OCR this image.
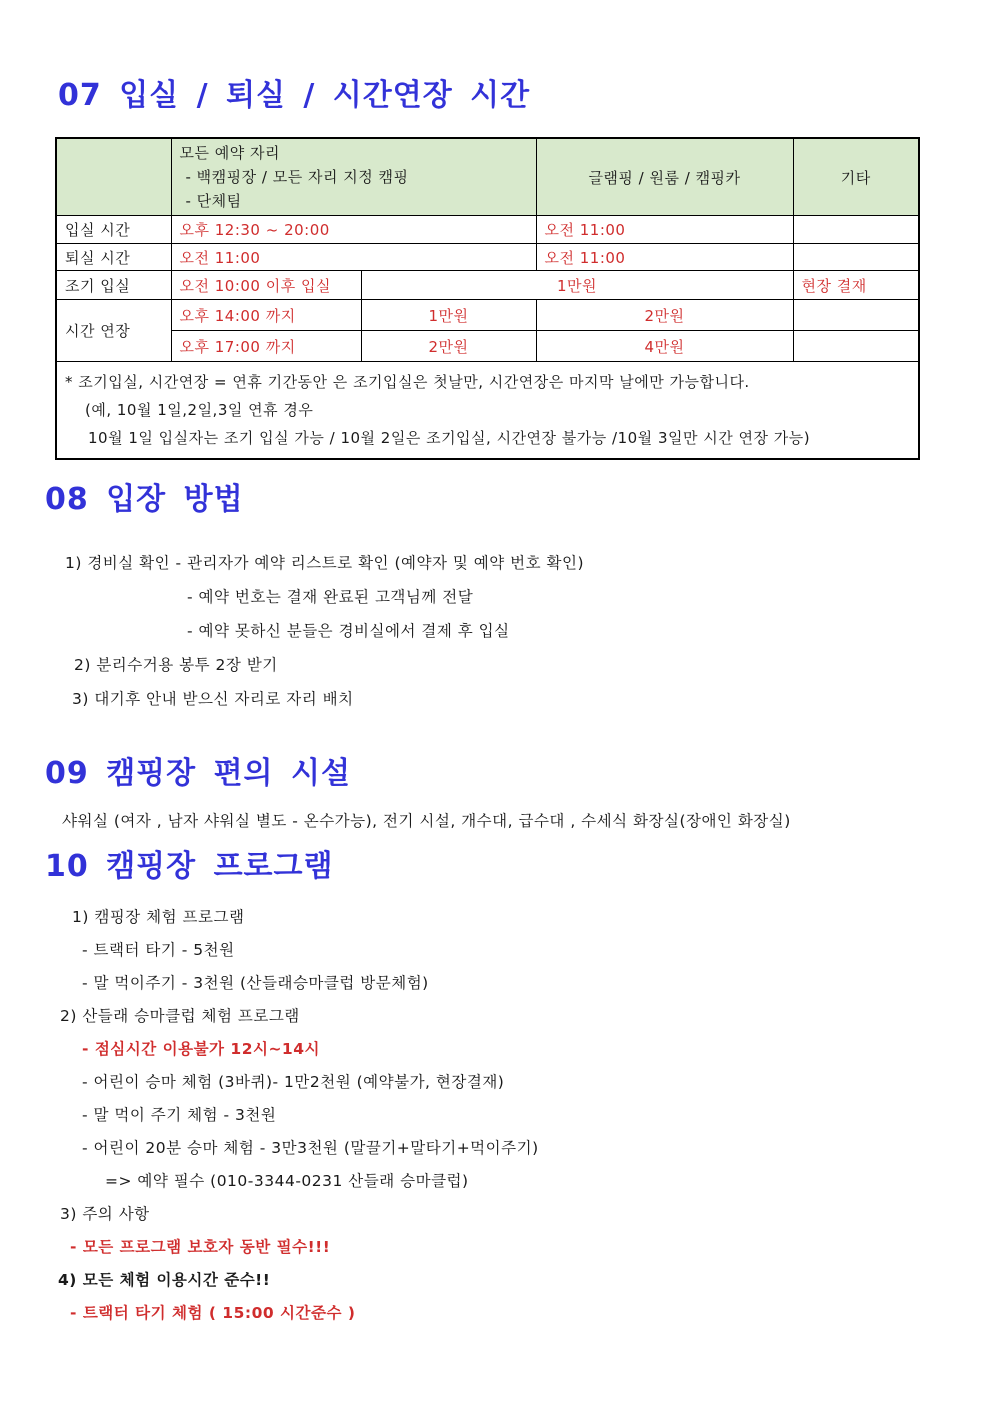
07 입실 / 퇴실 / 시간연장 시간

	모든 예약 자리
- 백캠핑장 / 모든 자리 지정 캠핑
- 단체팀		글램핑 / 원룸 / 캠핑카	기타
입실 시간	오후 12:30 ~ 20:00		오전 11:00	
퇴실 시간	오전 11:00		오전 11:00	
조기 입실	오전 10:00 이후 입실	1만원		현장 결재
시간 연장	오후 14:00 까지	1만원	2만원	
	오후 17:00 까지	2만원	4만원	

* 조기입실, 시간연장 = 연휴 기간동안 은 조기입실은 첫날만, 시간연장은 마지막 날에만 가능합니다.
(예, 10월 1일,2일,3일 연휴 경우
10월 1일 입실자는 조기 입실 가능 / 10월 2일은 조기입실, 시간연장 불가능 /10월 3일만 시간 연장 가능)				
08 입장 방법
1) 경비실 확인 - 관리자가 예약 리스트로 확인 (예약자 및 예약 번호 확인)
- 예약 번호는 결재 완료된 고객님께 전달
- 예약 못하신 분들은 경비실에서 결제 후 입실
2) 분리수거용 봉투 2장 받기
3) 대기후 안내 받으신 자리로 자리 배치
09 캠핑장 편의 시설
샤워실 (여자 , 남자 샤워실 별도 - 온수가능), 전기 시설, 개수대, 급수대 , 수세식 화장실(장애인 화장실)
10 캠핑장 프로그램
1) 캠핑장 체험 프로그램
- 트랙터 타기 - 5천원
- 말 먹이주기 - 3천원 (산들래승마클럽 방문체험)
2) 산들래 승마클럽 체험 프로그램
- 점심시간 이용불가 12시~14시
- 어린이 승마 체험 (3바퀴)- 1만2천원 (예약불가, 현장결재)
- 말 먹이 주기 체험 - 3천원
- 어린이 20분 승마 체험 - 3만3천원 (말끌기+말타기+먹이주기)
=> 예약 필수 (010-3344-0231 산들래 승마클럽)
3) 주의 사항
- 모든 프로그램 보호자 동반 필수!!!
4) 모든 체험 이용시간 준수!!
- 트랙터 타기 체험 ( 15:00 시간준수 )
